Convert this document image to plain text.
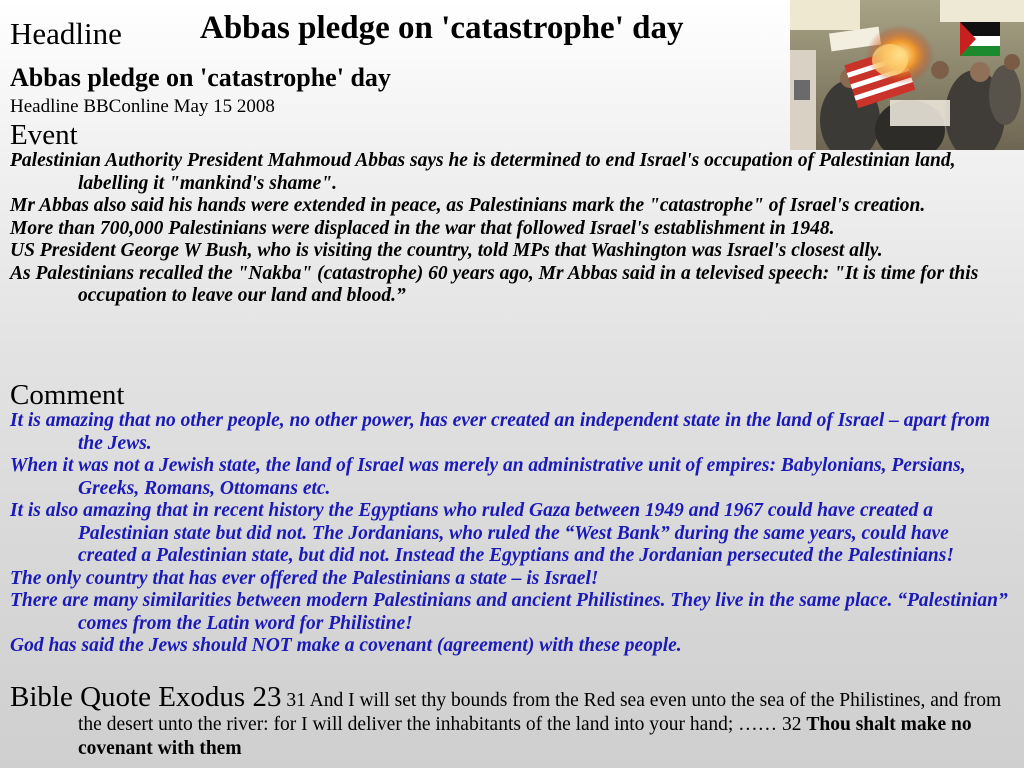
Headline Abbas pledge on 'catastrophe' day
Abbas pledge on 'catastrophe' day
Headline BBConline May 15 2008
Event

Palestinian Authority President Mahmoud Abbas says he is determined to end Israel's occupation of Palestinian land, labelling it "mankind's shame".

Mr Abbas also said his hands were extended in peace, as Palestinians mark the "catastrophe" of Israel's creation.

More than 700,000 Palestinians were displaced in the war that followed Israel's establishment in 1948.

US President George W Bush, who is visiting the country, told MPs that Washington was Israel's closest ally.

As Palestinians recalled the "Nakba" (catastrophe) 60 years ago, Mr Abbas said in a televised speech: "It is time for this occupation to leave our land and blood.”

Comment

It is amazing that no other people, no other power, has ever created an independent state in the land of Israel – apart from the Jews.

When it was not a Jewish state, the land of Israel was merely an administrative unit of empires: Babylonians, Persians, Greeks, Romans, Ottomans etc.

It is also amazing that in recent history the Egyptians who ruled Gaza between 1949 and 1967 could have created a Palestinian state but did not. The Jordanians, who ruled the “West Bank” during the same years, could have created a Palestinian state, but did not. Instead the Egyptians and the Jordanian persecuted the Palestinians!

The only country that has ever offered the Palestinians a state – is Israel!

There are many similarities between modern Palestinians and ancient Philistines. They live in the same place. “Palestinian” comes from the Latin word for Philistine!

God has said the Jews should NOT make a covenant (agreement) with these people.

Bible Quote Exodus 23 31 And I will set thy bounds from the Red sea even unto the sea of the Philistines, and from the desert unto the river: for I will deliver the inhabitants of the land into your hand; …… 32 Thou shalt make no covenant with them
